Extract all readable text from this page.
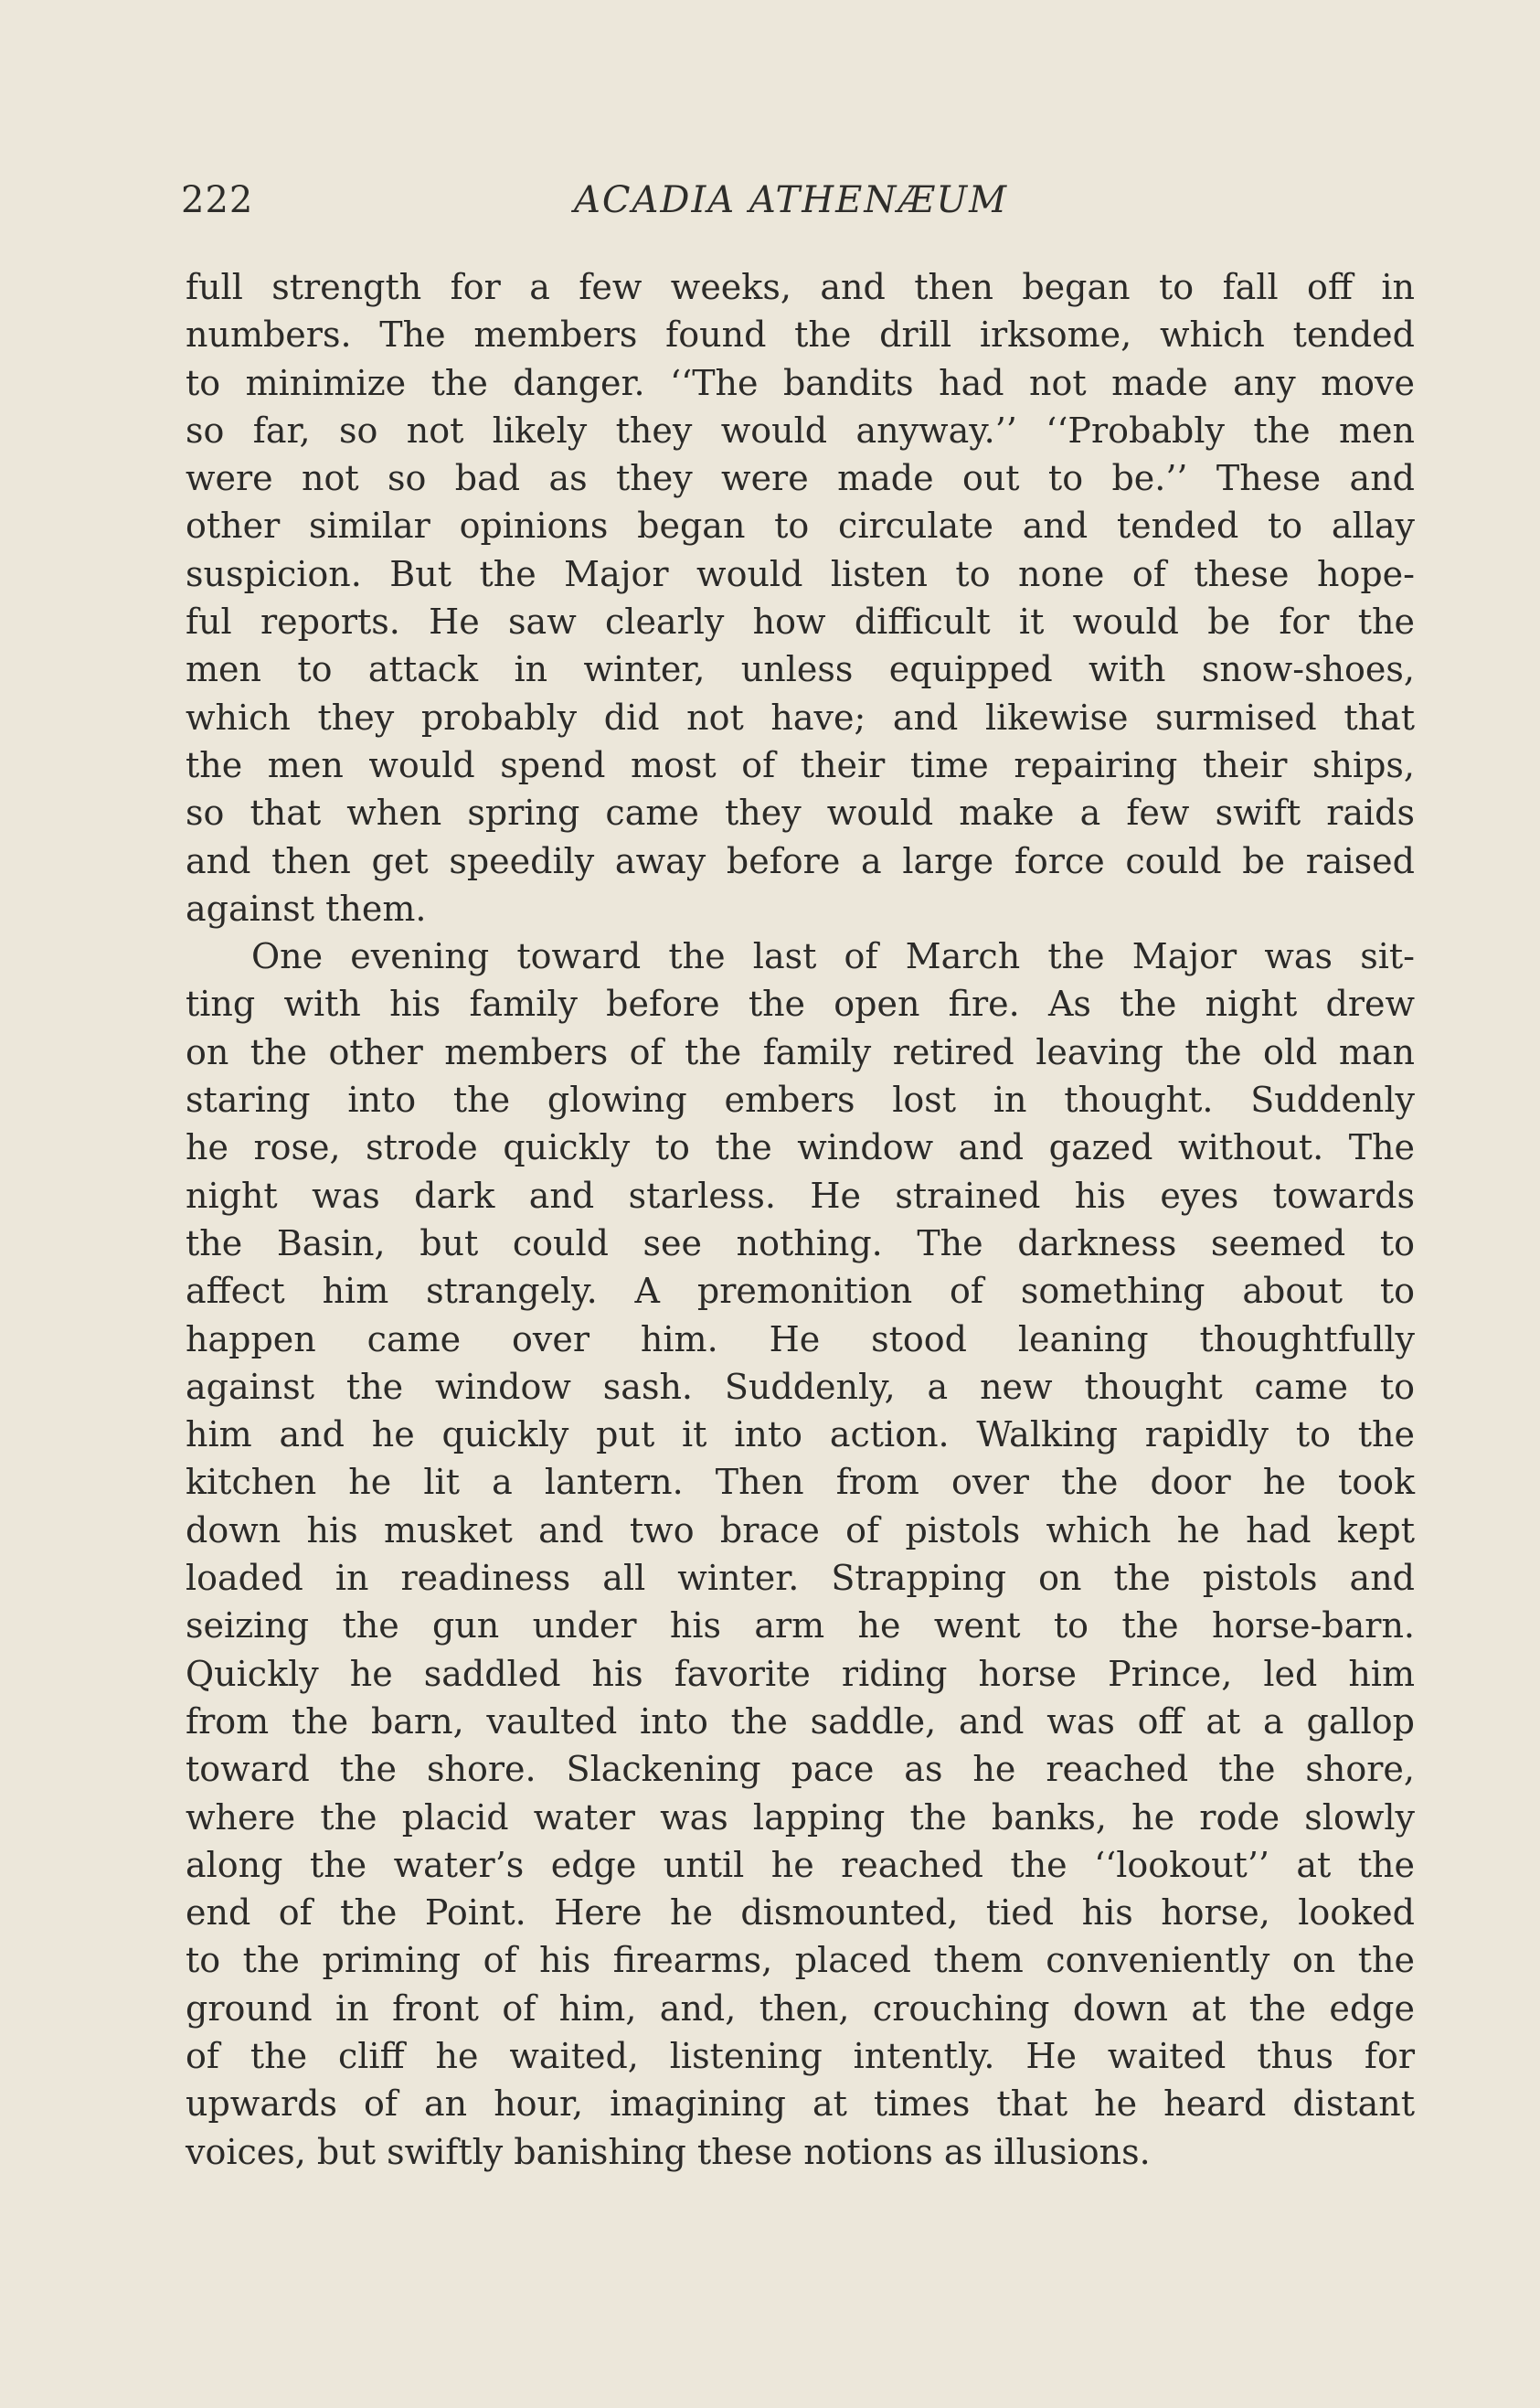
222	ACADIA ATHENÆUM
full strength for a few weeks, and then began to fall off in
numbers. The members found the drill irksome, which tended
to minimize the danger. ‘‘The bandits had not made any move
so far, so not likely they would anyway.’’ ‘‘Probably the men
were not so bad as they were made out to be.’’ These and
other similar opinions began to circulate and tended to allay
suspicion. But the Major would listen to none of these hope-
ful reports. He saw clearly how difficult it would be for the
men to attack in winter, unless equipped with snow-shoes,
which they probably did not have; and likewise surmised that
the men would spend most of their time repairing their ships,
so that when spring came they would make a few swift raids
and then get speedily away before a large force could be raised
against them.
One evening toward the last of March the Major was sit-
ting with his family before the open fire. As the night drew
on the other members of the family retired leaving the old man
staring into the glowing embers lost in thought. Suddenly
he rose, strode quickly to the window and gazed without. The
night was dark and starless. He strained his eyes towards
the Basin, but could see nothing. The darkness seemed to
affect him strangely. A premonition of something about to
happen came over him. He stood leaning thoughtfully
against the window sash. Suddenly, a new thought came to
him and he quickly put it into action. Walking rapidly to the
kitchen he lit a lantern. Then from over the door he took
down his musket and two brace of pistols which he had kept
loaded in readiness all winter. Strapping on the pistols and
seizing the gun under his arm he went to the horse-barn.
Quickly he saddled his favorite riding horse Prince, led him
from the barn, vaulted into the saddle, and was off at a gallop
toward the shore. Slackening pace as he reached the shore,
where the placid water was lapping the banks, he rode slowly
along the water’s edge until he reached the ‘‘lookout’’ at the
end of the Point. Here he dismounted, tied his horse, looked
to the priming of his firearms, placed them conveniently on the
ground in front of him, and, then, crouching down at the edge
of the cliff he waited, listening intently. He waited thus for
upwards of an hour, imagining at times that he heard distant
voices, but swiftly banishing these notions as illusions.
